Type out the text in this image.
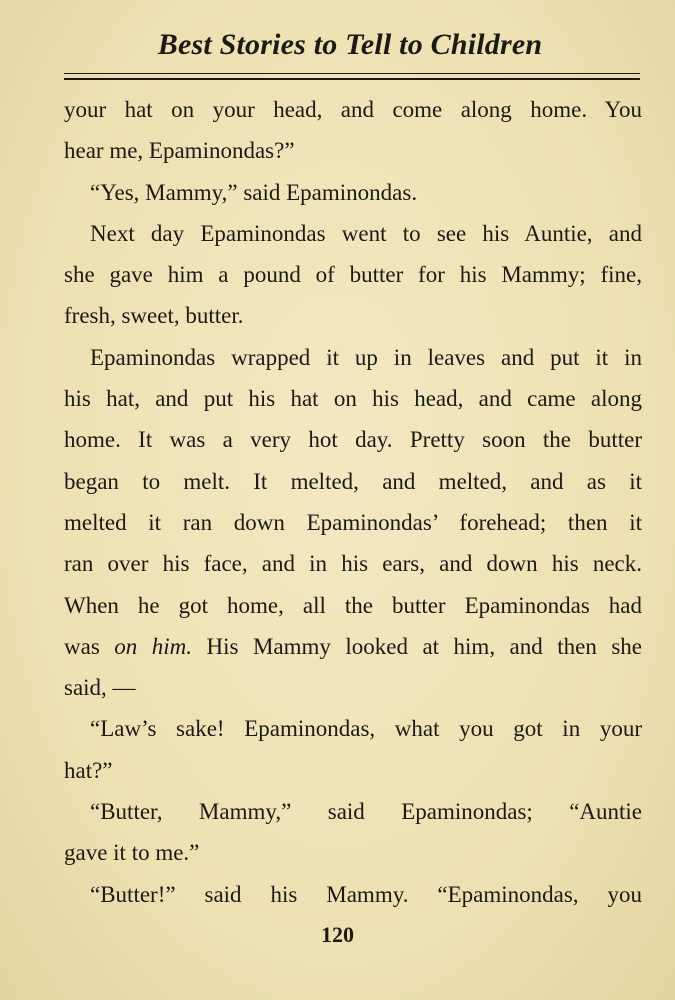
Best Stories to Tell to Children
your hat on your head, and come along home. You
hear me, Epaminondas?”
“Yes, Mammy,” said Epaminondas.
Next day Epaminondas went to see his Auntie, and
she gave him a pound of butter for his Mammy; fine,
fresh, sweet, butter.
Epaminondas wrapped it up in leaves and put it in
his hat, and put his hat on his head, and came along
home. It was a very hot day. Pretty soon the butter
began to melt. It melted, and melted, and as it
melted it ran down Epaminondas’ forehead; then it
ran over his face, and in his ears, and down his neck.
When he got home, all the butter Epaminondas had
was on him. His Mammy looked at him, and then she
said, —
“Law’s sake! Epaminondas, what you got in your
hat?”
“Butter, Mammy,” said Epaminondas; “Auntie
gave it to me.”
“Butter!” said his Mammy. “Epaminondas, you
120
